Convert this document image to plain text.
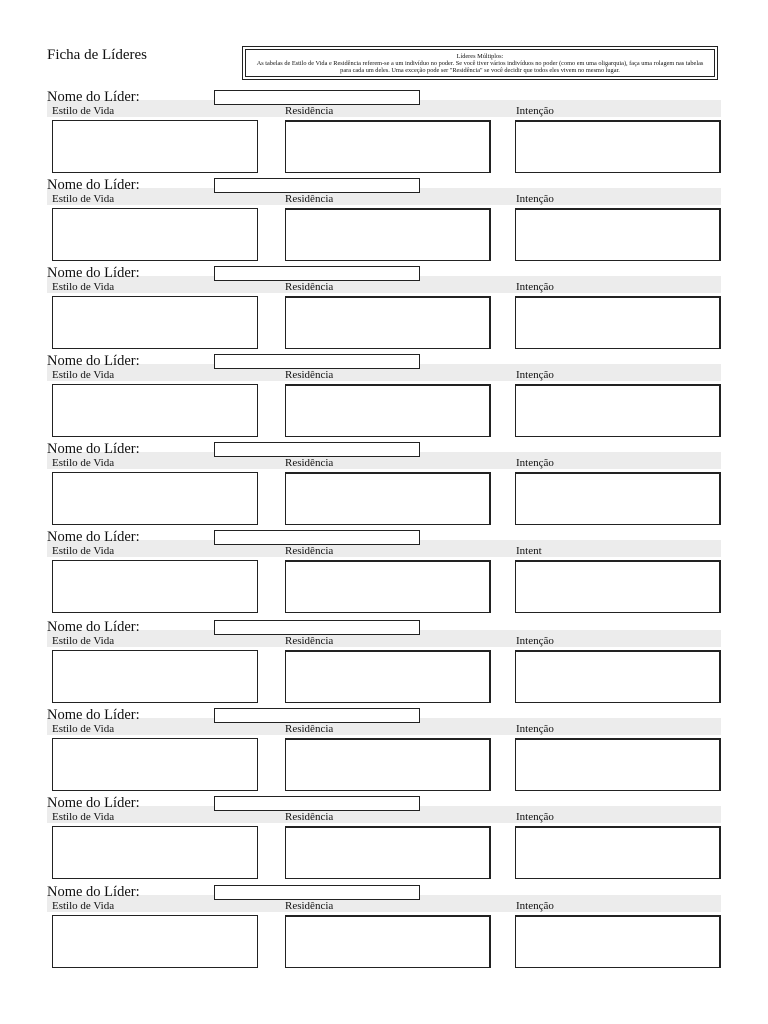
Ficha de Líderes	Líderes Múltiplos:
As tabelas de Estilo de Vida e Residência referem-se a um indivíduo no poder. Se você tiver vários indivíduos no poder (como em uma oligarquia), faça uma rolagem nas tabelas para cada um deles. Uma exceção pode ser "Residência" se você decidir que todos eles vivem no mesmo lugar.
Nome do Líder:
Estilo de Vida	Residência	Intenção
Nome do Líder:
Estilo de Vida	Residência	Intenção
Nome do Líder:
Estilo de Vida	Residência	Intenção
Nome do Líder:
Estilo de Vida	Residência	Intenção
Nome do Líder:
Estilo de Vida	Residência	Intenção
Nome do Líder:
Estilo de Vida	Residência	Intent
Nome do Líder:
Estilo de Vida	Residência	Intenção
Nome do Líder:
Estilo de Vida	Residência	Intenção
Nome do Líder:
Estilo de Vida	Residência	Intenção
Nome do Líder:
Estilo de Vida	Residência	Intenção
